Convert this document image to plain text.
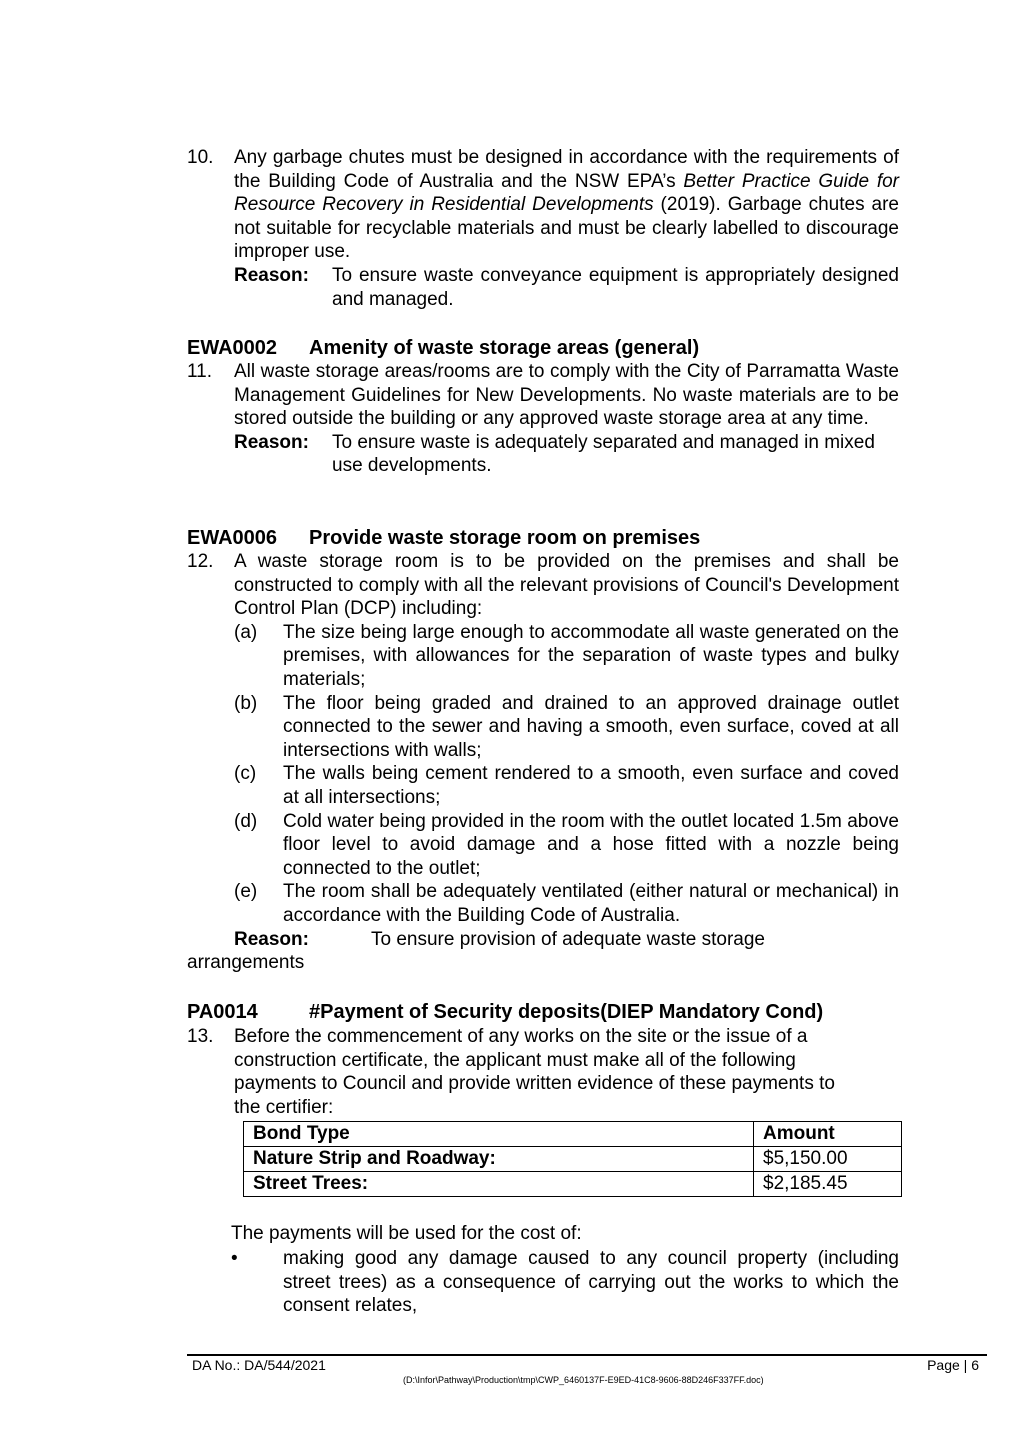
10. Any garbage chutes must be designed in accordance with the requirements of the Building Code of Australia and the NSW EPA’s Better Practice Guide for Resource Recovery in Residential Developments (2019). Garbage chutes are not suitable for recyclable materials and must be clearly labelled to discourage improper use.
Reason:	To ensure waste conveyance equipment is appropriately designed and managed.
EWA0002 Amenity of waste storage areas (general)
11. All waste storage areas/rooms are to comply with the City of Parramatta Waste Management Guidelines for New Developments. No waste materials are to be stored outside the building or any approved waste storage area at any time.
Reason:	To ensure waste is adequately separated and managed in mixed use developments.
EWA0006 Provide waste storage room on premises
12. A waste storage room is to be provided on the premises and shall be constructed to comply with all the relevant provisions of Council's Development Control Plan (DCP) including:
(a)	The size being large enough to accommodate all waste generated on the premises, with allowances for the separation of waste types and bulky materials;
(b)	The floor being graded and drained to an approved drainage outlet connected to the sewer and having a smooth, even surface, coved at all intersections with walls;
(c)	The walls being cement rendered to a smooth, even surface and coved at all intersections;
(d)	Cold water being provided in the room with the outlet located 1.5m above floor level to avoid damage and a hose fitted with a nozzle being connected to the outlet;
(e)	The room shall be adequately ventilated (either natural or mechanical) in accordance with the Building Code of Australia.
Reason:	To ensure provision of adequate waste storage
arrangements
PA0014	#Payment of Security deposits(DIEP Mandatory Cond)
13. Before the commencement of any works on the site or the issue of a construction certificate, the applicant must make all of the following payments to Council and provide written evidence of these payments to the certifier:
Bond Type	Amount
Nature Strip and Roadway:	$5,150.00
Street Trees:	$2,185.45
The payments will be used for the cost of:
•	making good any damage caused to any council property (including street trees) as a consequence of carrying out the works to which the consent relates,
DA No.: DA/544/2021	Page | 6
(D:\Infor\Pathway\Production\tmp\CWP_6460137F-E9ED-41C8-9606-88D246F337FF.doc)
